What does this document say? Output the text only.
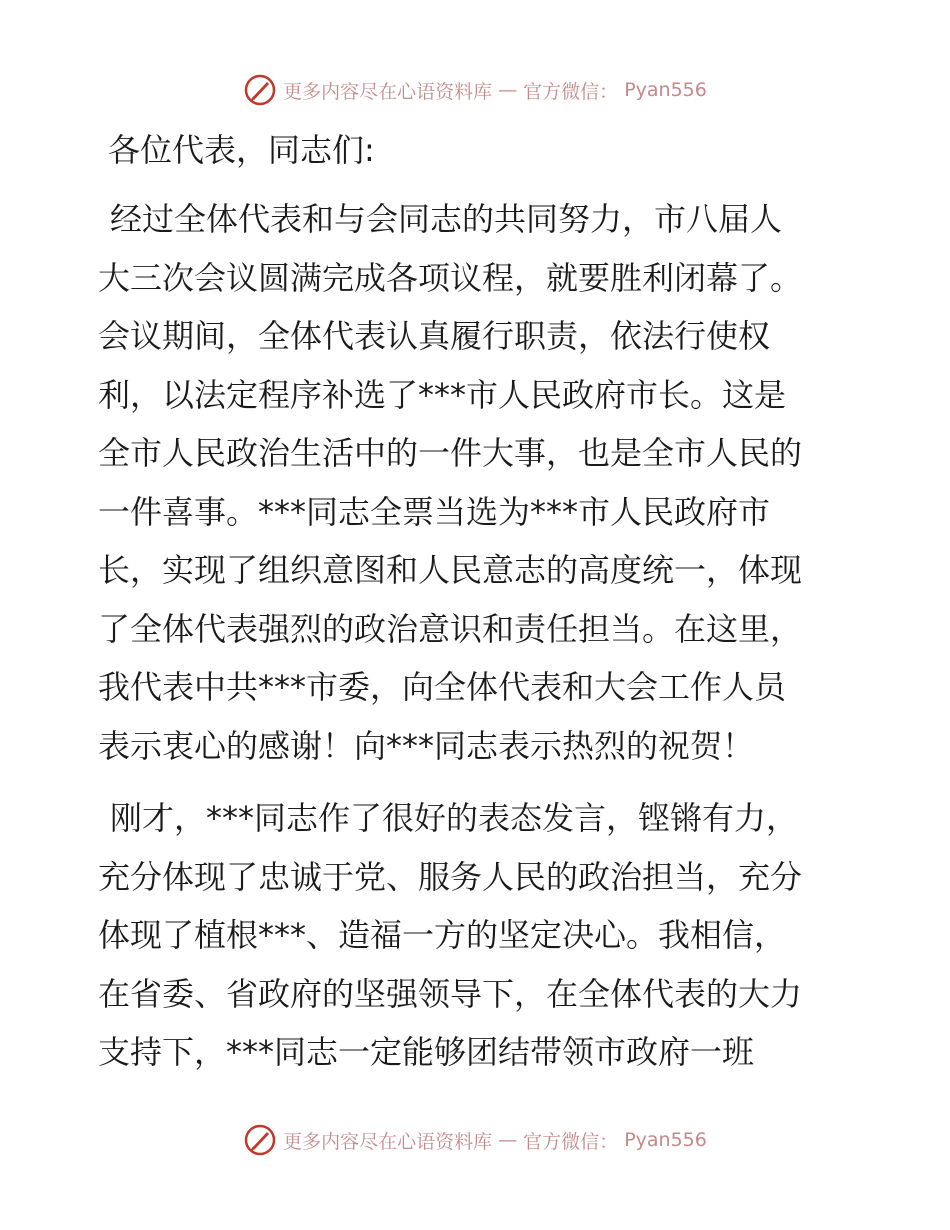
更多内容尽在心语资料库 — 官方微信： Pyan556
各位代表，同志们:
经过全体代表和与会同志的共同努力，市八届人
大三次会议圆满完成各项议程，就要胜利闭幕了。
会议期间，全体代表认真履行职责，依法行使权
利，以法定程序补选了***市人民政府市长。这是
全市人民政治生活中的一件大事，也是全市人民的
一件喜事。***同志全票当选为***市人民政府市
长，实现了组织意图和人民意志的高度统一，体现
了全体代表强烈的政治意识和责任担当。在这里，
我代表中共***市委，向全体代表和大会工作人员
表示衷心的感谢！向***同志表示热烈的祝贺！
刚才，***同志作了很好的表态发言，铿锵有力，
充分体现了忠诚于党、服务人民的政治担当，充分
体现了植根***、造福一方的坚定决心。我相信，
在省委、省政府的坚强领导下，在全体代表的大力
支持下，***同志一定能够团结带领市政府一班
更多内容尽在心语资料库 — 官方微信： Pyan556
